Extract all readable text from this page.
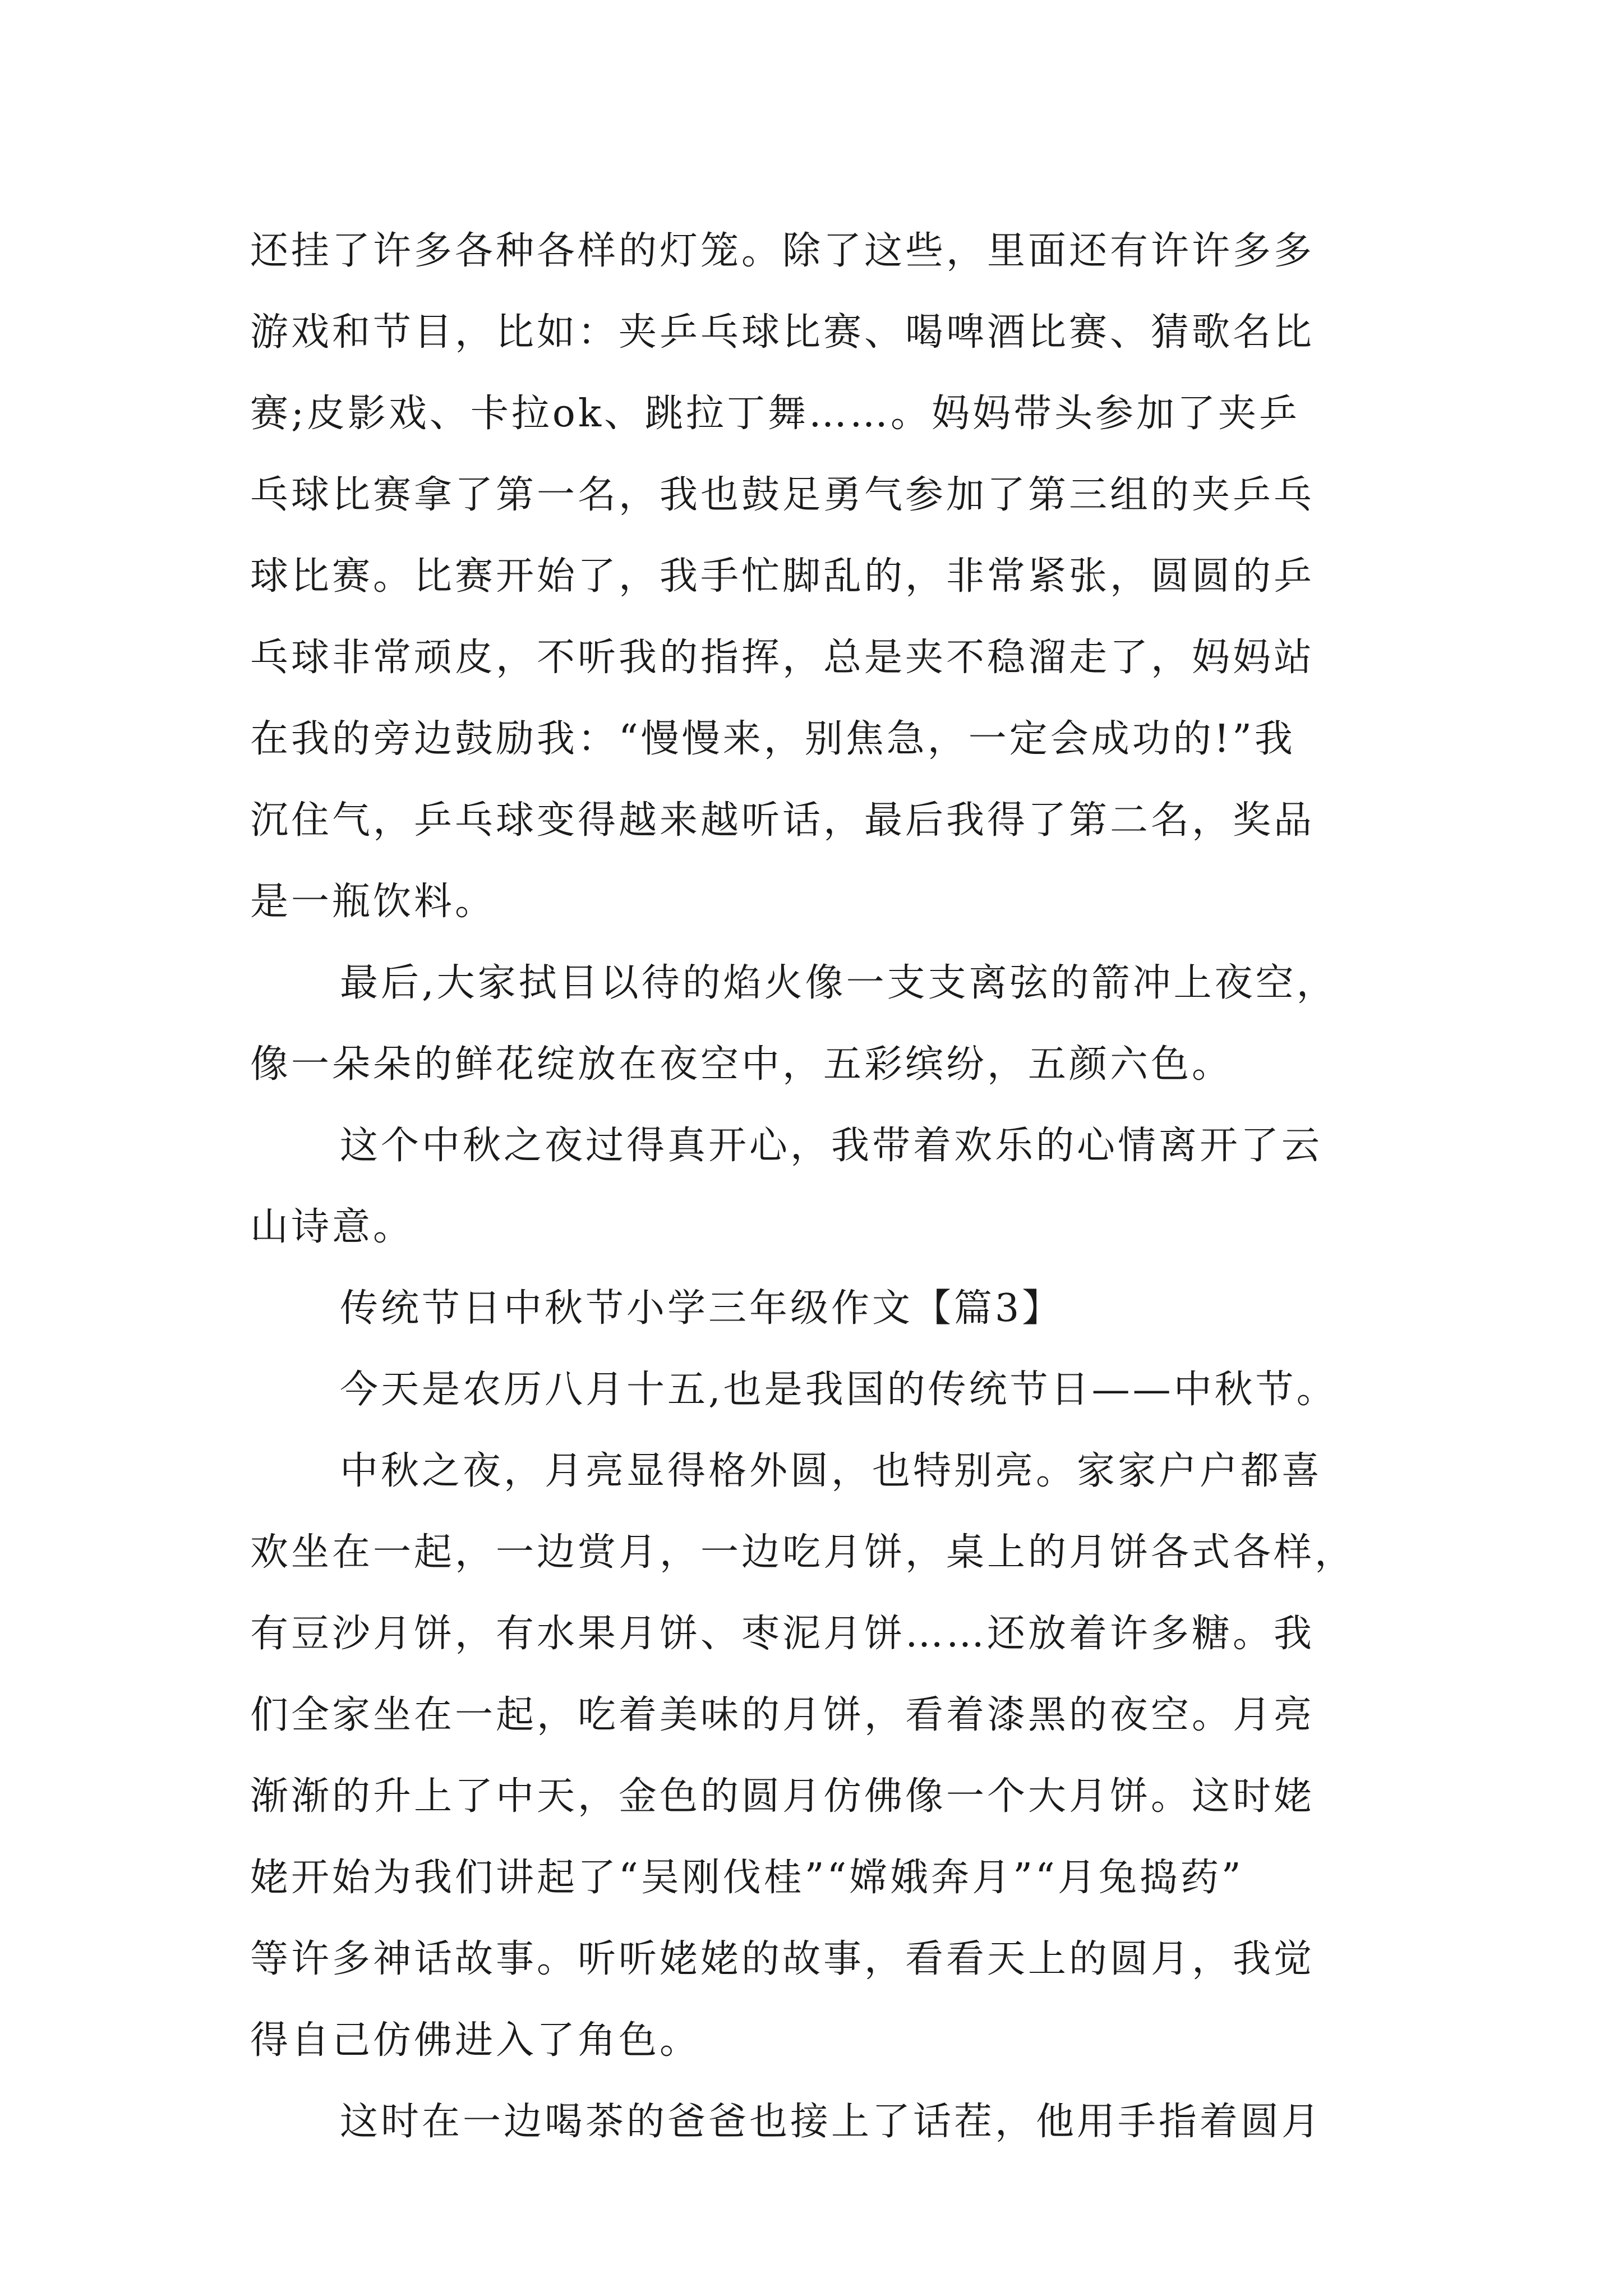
还挂了许多各种各样的灯笼。除了这些，里面还有许许多多
游戏和节目，比如：夹乒乓球比赛、喝啤酒比赛、猜歌名比
赛;皮影戏、卡拉ok、跳拉丁舞……。妈妈带头参加了夹乒
乓球比赛拿了第一名，我也鼓足勇气参加了第三组的夹乒乓
球比赛。比赛开始了，我手忙脚乱的，非常紧张，圆圆的乒
乓球非常顽皮，不听我的指挥，总是夹不稳溜走了，妈妈站
在我的旁边鼓励我：“慢慢来，别焦急，一定会成功的!”我
沉住气，乒乓球变得越来越听话，最后我得了第二名，奖品
是一瓶饮料。
最后,大家拭目以待的焰火像一支支离弦的箭冲上夜空，
像一朵朵的鲜花绽放在夜空中，五彩缤纷，五颜六色。
这个中秋之夜过得真开心，我带着欢乐的心情离开了云
山诗意。
传统节日中秋节小学三年级作文【篇3】
今天是农历八月十五,也是我国的传统节日——中秋节。
中秋之夜，月亮显得格外圆，也特别亮。家家户户都喜
欢坐在一起，一边赏月，一边吃月饼，桌上的月饼各式各样，
有豆沙月饼，有水果月饼、枣泥月饼……还放着许多糖。我
们全家坐在一起，吃着美味的月饼，看着漆黑的夜空。月亮
渐渐的升上了中天，金色的圆月仿佛像一个大月饼。这时姥
姥开始为我们讲起了“吴刚伐桂”“嫦娥奔月”“月兔捣药”
等许多神话故事。听听姥姥的故事，看看天上的圆月，我觉
得自己仿佛进入了角色。
这时在一边喝茶的爸爸也接上了话茬，他用手指着圆月
